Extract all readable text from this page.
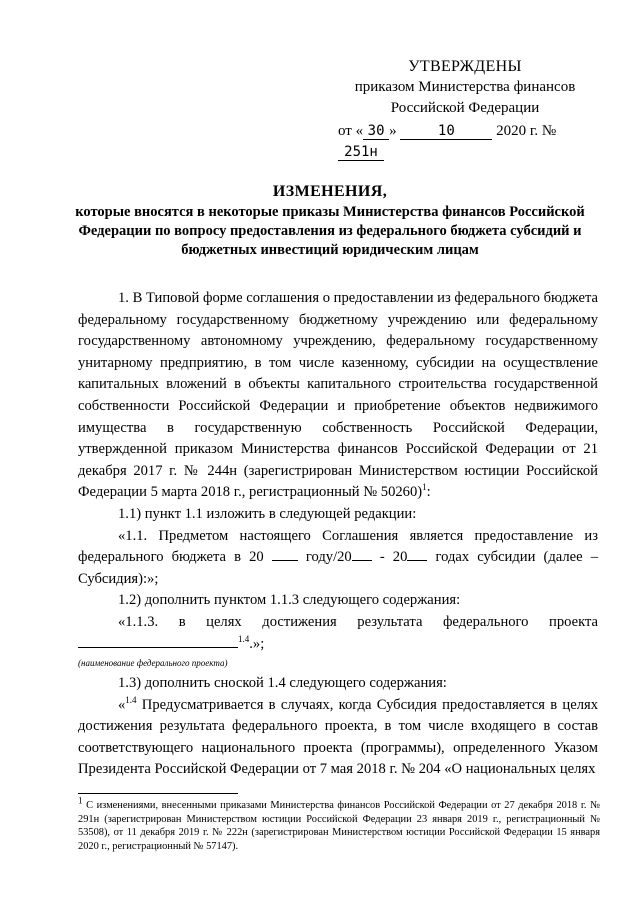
УТВЕРЖДЕНЫ
приказом Министерства финансов
Российской Федерации
от « 30 »	10	2020 г. № 251н
ИЗМЕНЕНИЯ,
которые вносятся в некоторые приказы Министерства финансов Российской Федерации по вопросу предоставления из федерального бюджета субсидий и бюджетных инвестиций юридическим лицам

1. В Типовой форме соглашения о предоставлении из федерального бюджета федеральному государственному бюджетному учреждению или федеральному государственному автономному учреждению, федеральному государственному унитарному предприятию, в том числе казенному, субсидии на осуществление капитальных вложений в объекты капитального строительства государственной собственности Российской Федерации и приобретение объектов недвижимого имущества в государственную собственность Российской Федерации, утвержденной приказом Министерства финансов Российской Федерации от 21 декабря 2017 г. № 244н (зарегистрирован Министерством юстиции Российской Федерации 5 марта 2018 г., регистрационный № 50260)$^1$:

1.1) пункт 1.1 изложить в следующей редакции:

«1.1. Предметом настоящего Соглашения является предоставление из федерального бюджета в 20	году/20 - 20 годах субсидии (далее – Субсидия):»;

1.2) дополнить пунктом 1.1.3 следующего содержания:

«1.1.3. в целях достижения результата федерального проекта
$^{1.4}$.»;
(наименование федерального проекта)

1.3) дополнить сноской 1.4 следующего содержания:

«$^{1.4}$ Предусматривается в случаях, когда Субсидия предоставляется в целях достижения результата федерального проекта, в том числе входящего в состав соответствующего национального проекта (программы), определенного Указом Президента Российской Федерации от 7 мая 2018 г. № 204 «О национальных целях

$^1$ С изменениями, внесенными приказами Министерства финансов Российской Федерации от 27 декабря 2018 г. № 291н (зарегистрирован Министерством юстиции Российской Федерации 23 января 2019 г., регистрационный № 53508), от 11 декабря 2019 г. № 222н (зарегистрирован Министерством юстиции Российской Федерации 15 января 2020 г., регистрационный № 57147).
